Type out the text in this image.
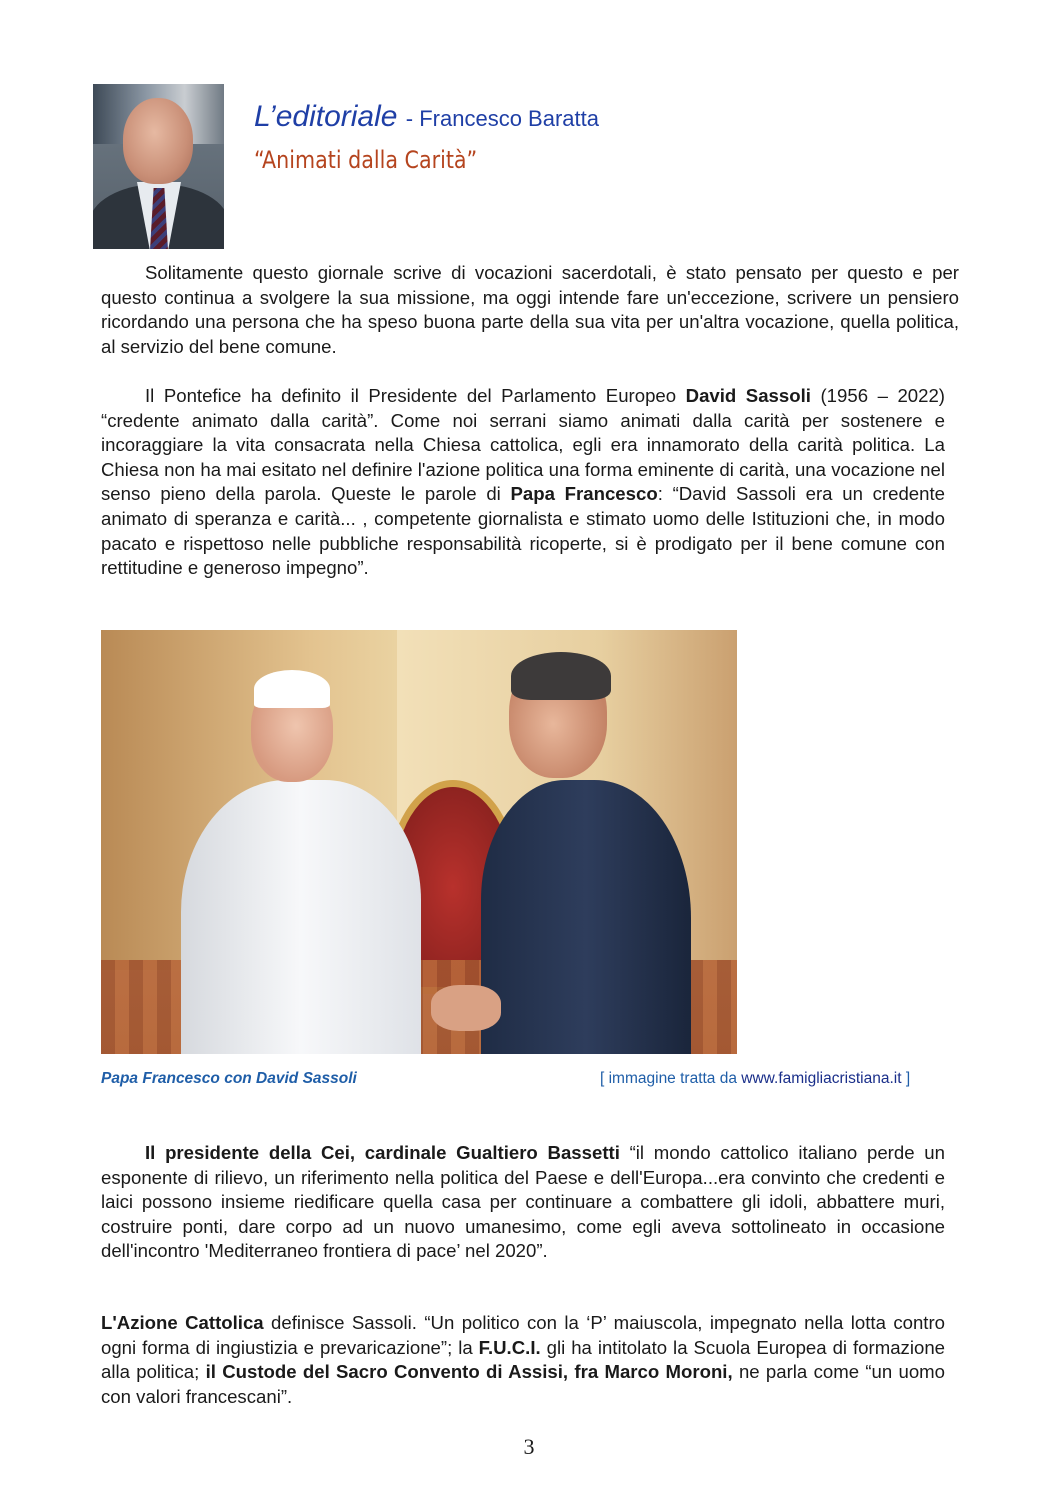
L’editoriale - Francesco Baratta
“Animati dalla Carità”

Solitamente questo giornale scrive di vocazioni sacerdotali, è stato pensato per questo e per questo continua a svolgere la sua missione, ma oggi intende fare un'eccezione, scrivere un pensiero ricordando una persona che ha speso buona parte della sua vita per un'altra vocazione, quella politica, al servizio del bene comune.

Il Pontefice ha definito il Presidente del Parlamento Europeo David Sassoli (1956 – 2022) “credente animato dalla carità”. Come noi serrani siamo animati dalla carità per sostenere e incoraggiare la vita consacrata nella Chiesa cattolica, egli era innamorato della carità politica. La Chiesa non ha mai esitato nel definire l'azione politica una forma eminente di carità, una vocazione nel senso pieno della parola. Queste le parole di Papa Francesco: “David Sassoli era un credente animato di speranza e carità... , competente giornalista e stimato uomo delle Istituzioni che, in modo pacato e rispettoso nelle pubbliche responsabilità ricoperte, si è prodigato per il bene comune con rettitudine e generoso impegno”.

Papa Francesco con David Sassoli	[ immagine tratta da www.famigliacristiana.it ]

Il presidente della Cei, cardinale Gualtiero Bassetti “il mondo cattolico italiano perde un esponente di rilievo, un riferimento nella politica del Paese e dell'Europa...era convinto che credenti e laici possono insieme riedificare quella casa per continuare a combattere gli idoli, abbattere muri, costruire ponti, dare corpo ad un nuovo umanesimo, come egli aveva sottolineato in occasione dell'incontro 'Mediterraneo frontiera di pace’ nel 2020”.

L'Azione Cattolica definisce Sassoli. “Un politico con la ‘P’ maiuscola, impegnato nella lotta contro ogni forma di ingiustizia e prevaricazione”; la F.U.C.I. gli ha intitolato la Scuola Europea di formazione alla politica; il Custode del Sacro Convento di Assisi, fra Marco Moroni, ne parla come “un uomo con valori francescani”.

3
